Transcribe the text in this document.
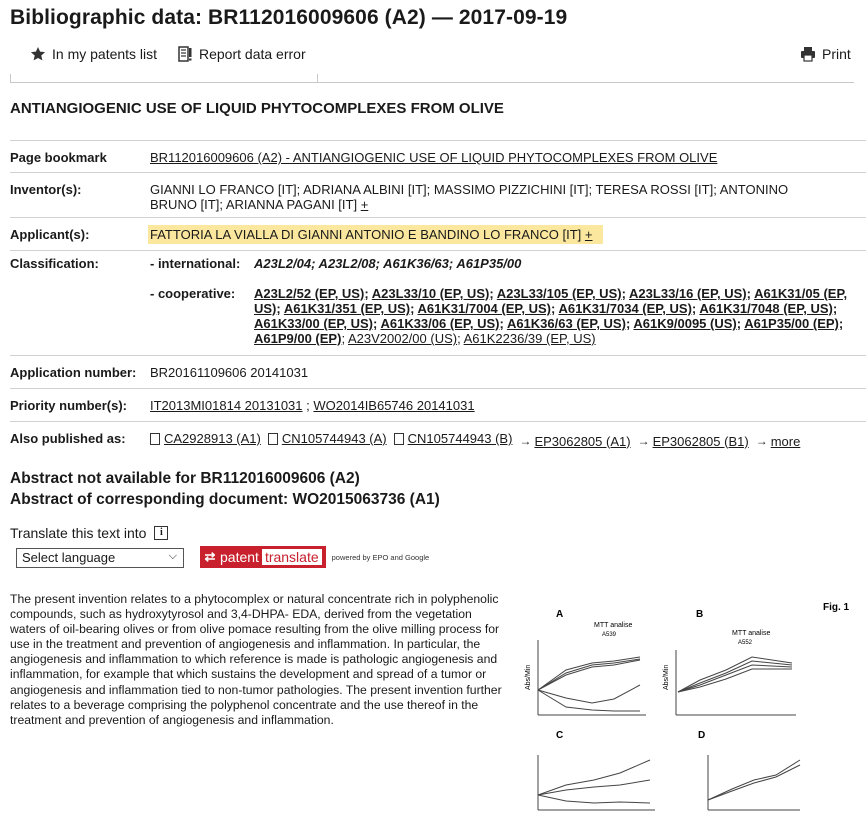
Bibliographic data: BR112016009606 (A2) — 2017-09-19
In my patents list	Report data error	Print
ANTIANGIOGENIC USE OF LIQUID PHYTOCOMPLEXES FROM OLIVE
Page bookmark	BR112016009606 (A2) - ANTIANGIOGENIC USE OF LIQUID PHYTOCOMPLEXES FROM OLIVE
Inventor(s):	GIANNI LO FRANCO [IT]; ADRIANA ALBINI [IT]; MASSIMO PIZZICHINI [IT]; TERESA ROSSI [IT]; ANTONINO
BRUNO [IT]; ARIANNA PAGANI [IT] +
Applicant(s):	FATTORIA LA VIALLA DI GIANNI ANTONIO E BANDINO LO FRANCO [IT] +
Classification:	- international: A23L2/04; A23L2/08; A61K36/63; A61P35/00
- cooperative: A23L2/52 (EP, US); A23L33/10 (EP, US); A23L33/105 (EP, US); A23L33/16 (EP, US); A61K31/05 (EP, US); A61K31/351 (EP, US); A61K31/7004 (EP, US); A61K31/7034 (EP, US); A61K31/7048 (EP, US); A61K33/00 (EP, US); A61K33/06 (EP, US); A61K36/63 (EP, US); A61K9/0095 (US); A61P35/00 (EP); A61P9/00 (EP); A23V2002/00 (US); A61K2236/39 (EP, US)
Application number: BR20161109606 20141031
Priority number(s): IT2013MI01814 20131031 ; WO2014IB65746 20141031
Also published as:	CA2928913 (A1) CN105744943 (A) CN105744943 (B) → EP3062805 (A1) → EP3062805 (B1) → more
Abstract not available for BR112016009606 (A2)
Abstract of corresponding document: WO2015063736 (A1)
Translate this text into	i
Select language	⌵	⇄ patent translate	powered by EPO and Google

The present invention relates to a phytocomplex or natural concentrate rich in polyphenolic compounds, such as hydroxytyrosol and 3,4-DHPA- EDA, derived from the vegetation waters of oil-bearing olives or from olive pomace resulting from the olive milling process for use in the treatment and prevention of angiogenesis and inflammation. In particular, the angiogenesis and inflammation to which reference is made is pathologic angiogenesis and inflammation, for example that which sustains the development and spread of a tumor or angiogenesis and inflammation tied to non-tumor pathologies. The present invention further relates to a beverage comprising the polyphenol concentrate and the use thereof in the treatment and prevention of angiogenesis and inflammation.

Fig. 1
A
MTT analise
A539
B
MTT analise
A552
Abs/Min	Abs/Min
C	D
